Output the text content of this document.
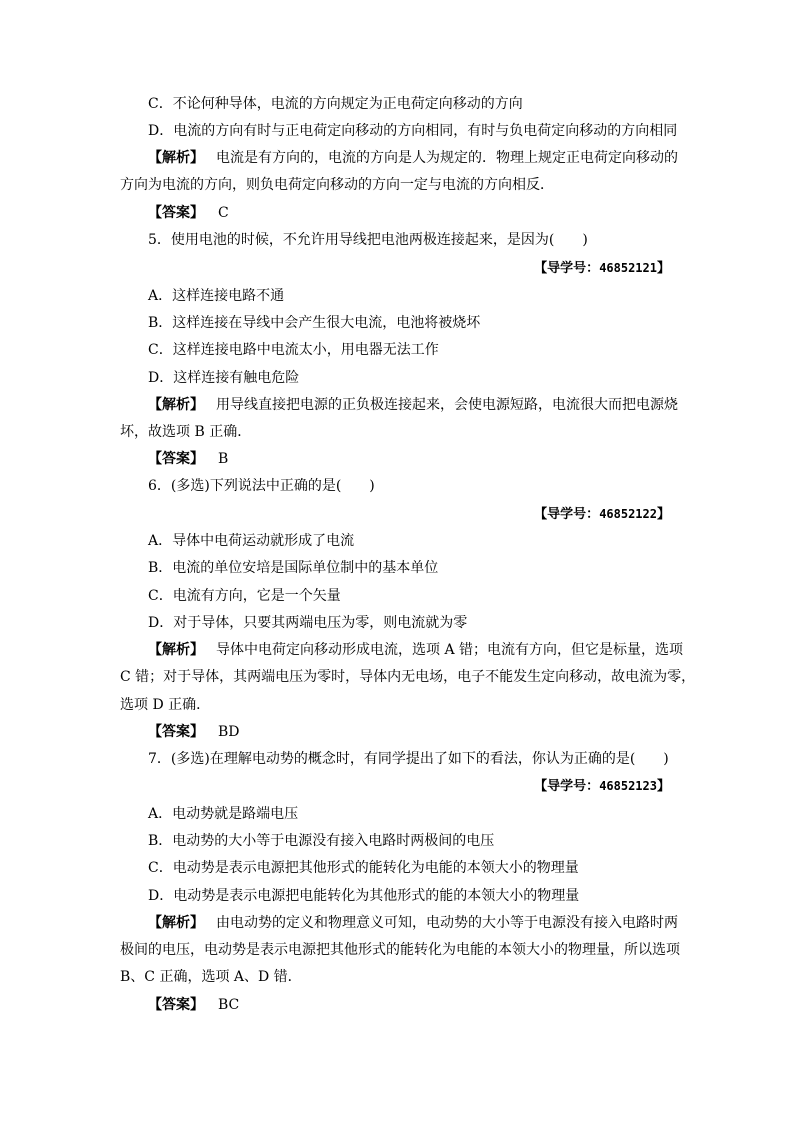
C．不论何种导体，电流的方向规定为正电荷定向移动的方向
D．电流的方向有时与正电荷定向移动的方向相同，有时与负电荷定向移动的方向相同
【解析】 电流是有方向的，电流的方向是人为规定的．物理上规定正电荷定向移动的
方向为电流的方向，则负电荷定向移动的方向一定与电流的方向相反．
【答案】 C
5．使用电池的时候，不允许用导线把电池两极连接起来，是因为(　　)
【导学号：46852121】
A．这样连接电路不通
B．这样连接在导线中会产生很大电流，电池将被烧坏
C．这样连接电路中电流太小，用电器无法工作
D．这样连接有触电危险
【解析】 用导线直接把电源的正负极连接起来，会使电源短路，电流很大而把电源烧
坏，故选项 B 正确．
【答案】 B
6．(多选)下列说法中正确的是(　　)
【导学号：46852122】
A．导体中电荷运动就形成了电流
B．电流的单位安培是国际单位制中的基本单位
C．电流有方向，它是一个矢量
D．对于导体，只要其两端电压为零，则电流就为零
【解析】 导体中电荷定向移动形成电流，选项 A 错；电流有方向，但它是标量，选项
C 错；对于导体，其两端电压为零时，导体内无电场，电子不能发生定向移动，故电流为零，
选项 D 正确．
【答案】 BD
7．(多选)在理解电动势的概念时，有同学提出了如下的看法，你认为正确的是(　　)
【导学号：46852123】
A．电动势就是路端电压
B．电动势的大小等于电源没有接入电路时两极间的电压
C．电动势是表示电源把其他形式的能转化为电能的本领大小的物理量
D．电动势是表示电源把电能转化为其他形式的能的本领大小的物理量
【解析】 由电动势的定义和物理意义可知，电动势的大小等于电源没有接入电路时两
极间的电压，电动势是表示电源把其他形式的能转化为电能的本领大小的物理量，所以选项
B、C 正确，选项 A、D 错．
【答案】 BC
